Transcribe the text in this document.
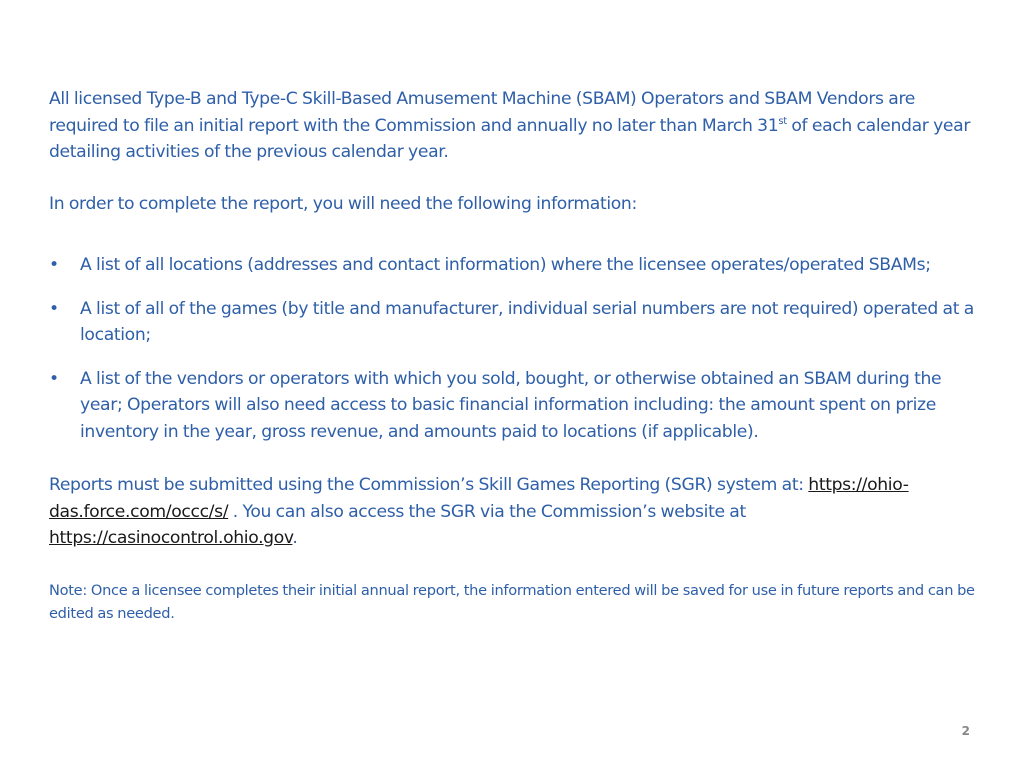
All licensed Type-B and Type-C Skill-Based Amusement Machine (SBAM) Operators and SBAM Vendors are required to file an initial report with the Commission and annually no later than March 31st of each calendar year detailing activities of the previous calendar year.

In order to complete the report, you will need the following information:

•	A list of all locations (addresses and contact information) where the licensee operates/operated SBAMs;
•	A list of all of the games (by title and manufacturer, individual serial numbers are not required) operated at a location;
•	A list of the vendors or operators with which you sold, bought, or otherwise obtained an SBAM during the year; Operators will also need access to basic financial information including: the amount spent on prize inventory in the year, gross revenue, and amounts paid to locations (if applicable).

Reports must be submitted using the Commission’s Skill Games Reporting (SGR) system at: https://ohio-das.force.com/occc/s/ . You can also access the SGR via the Commission’s website at https://casinocontrol.ohio.gov.

Note: Once a licensee completes their initial annual report, the information entered will be saved for use in future reports and can be edited as needed.

2
